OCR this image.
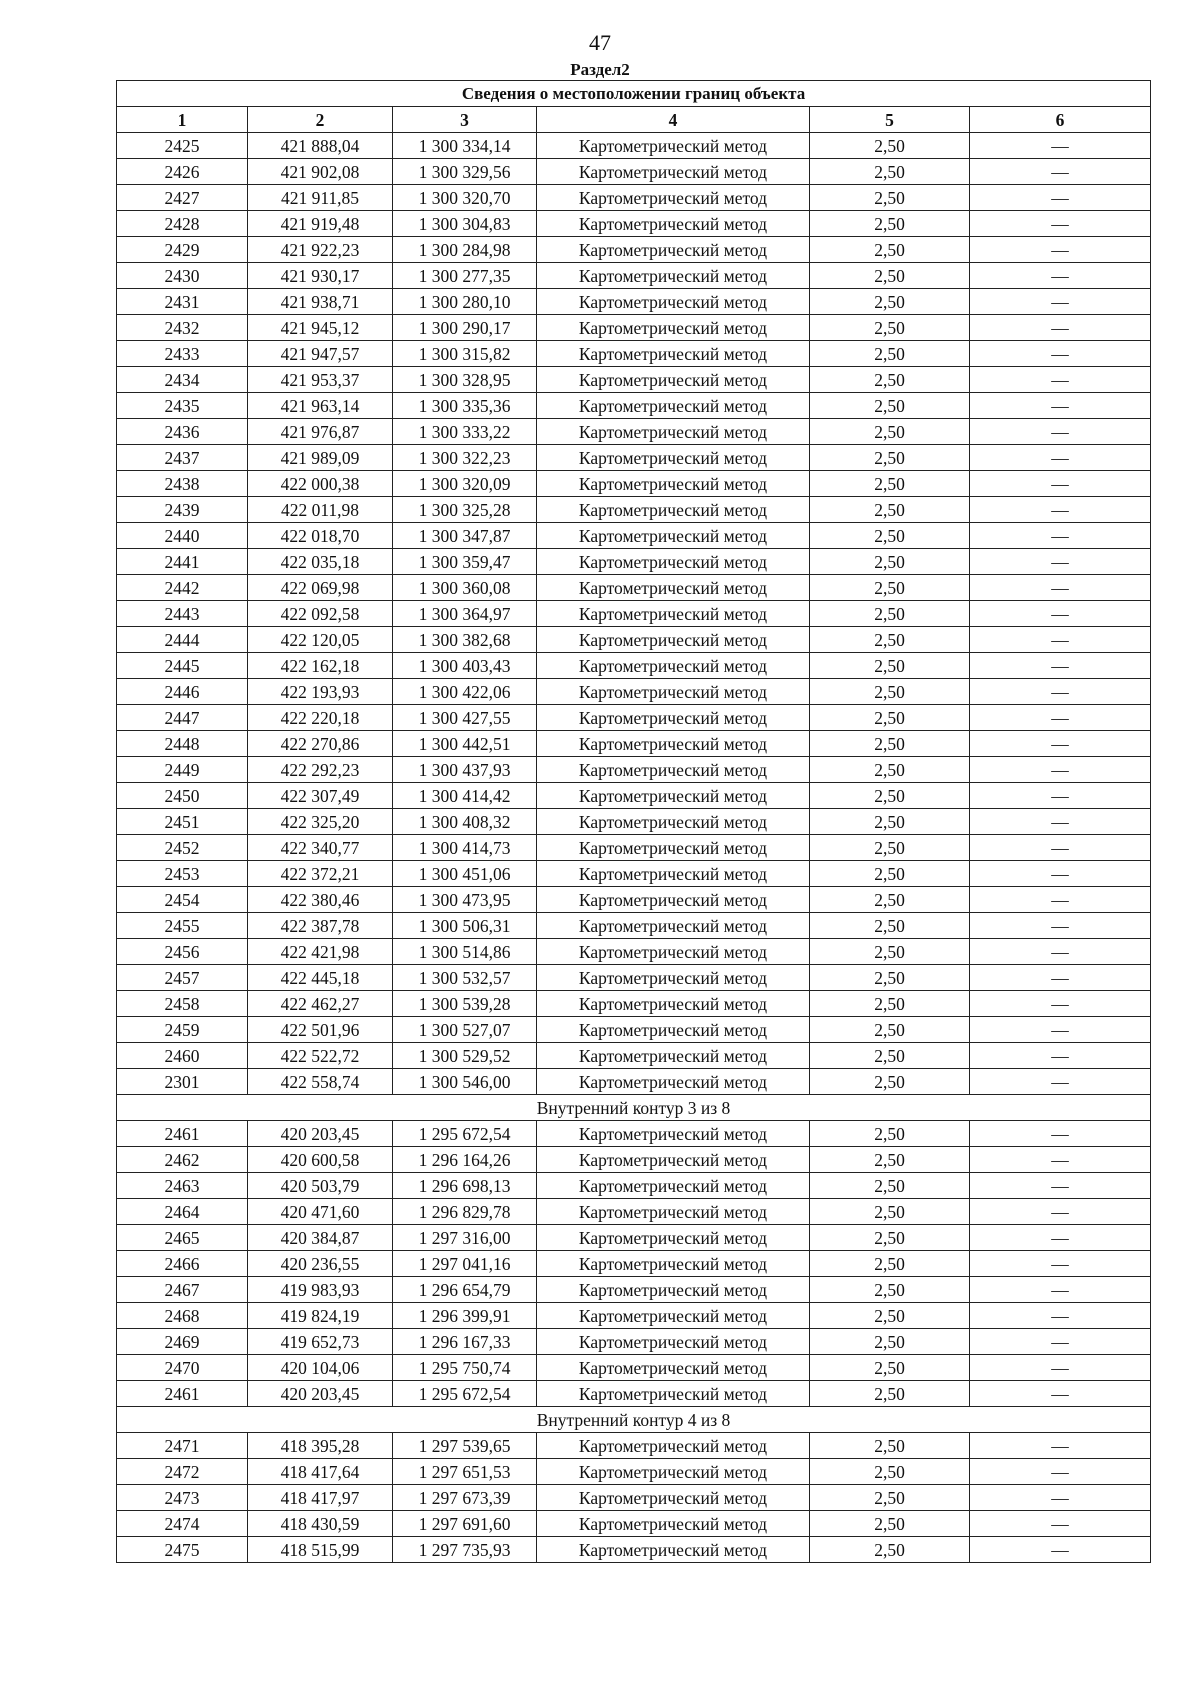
47
Раздел2
Сведения о местоположении границ объекта					
1	2	3	4	5	6
2425	421 888,04	1 300 334,14	Картометрический метод	2,50	—
2426	421 902,08	1 300 329,56	Картометрический метод	2,50	—
2427	421 911,85	1 300 320,70	Картометрический метод	2,50	—
2428	421 919,48	1 300 304,83	Картометрический метод	2,50	—
2429	421 922,23	1 300 284,98	Картометрический метод	2,50	—
2430	421 930,17	1 300 277,35	Картометрический метод	2,50	—
2431	421 938,71	1 300 280,10	Картометрический метод	2,50	—
2432	421 945,12	1 300 290,17	Картометрический метод	2,50	—
2433	421 947,57	1 300 315,82	Картометрический метод	2,50	—
2434	421 953,37	1 300 328,95	Картометрический метод	2,50	—
2435	421 963,14	1 300 335,36	Картометрический метод	2,50	—
2436	421 976,87	1 300 333,22	Картометрический метод	2,50	—
2437	421 989,09	1 300 322,23	Картометрический метод	2,50	—
2438	422 000,38	1 300 320,09	Картометрический метод	2,50	—
2439	422 011,98	1 300 325,28	Картометрический метод	2,50	—
2440	422 018,70	1 300 347,87	Картометрический метод	2,50	—
2441	422 035,18	1 300 359,47	Картометрический метод	2,50	—
2442	422 069,98	1 300 360,08	Картометрический метод	2,50	—
2443	422 092,58	1 300 364,97	Картометрический метод	2,50	—
2444	422 120,05	1 300 382,68	Картометрический метод	2,50	—
2445	422 162,18	1 300 403,43	Картометрический метод	2,50	—
2446	422 193,93	1 300 422,06	Картометрический метод	2,50	—
2447	422 220,18	1 300 427,55	Картометрический метод	2,50	—
2448	422 270,86	1 300 442,51	Картометрический метод	2,50	—
2449	422 292,23	1 300 437,93	Картометрический метод	2,50	—
2450	422 307,49	1 300 414,42	Картометрический метод	2,50	—
2451	422 325,20	1 300 408,32	Картометрический метод	2,50	—
2452	422 340,77	1 300 414,73	Картометрический метод	2,50	—
2453	422 372,21	1 300 451,06	Картометрический метод	2,50	—
2454	422 380,46	1 300 473,95	Картометрический метод	2,50	—
2455	422 387,78	1 300 506,31	Картометрический метод	2,50	—
2456	422 421,98	1 300 514,86	Картометрический метод	2,50	—
2457	422 445,18	1 300 532,57	Картометрический метод	2,50	—
2458	422 462,27	1 300 539,28	Картометрический метод	2,50	—
2459	422 501,96	1 300 527,07	Картометрический метод	2,50	—
2460	422 522,72	1 300 529,52	Картометрический метод	2,50	—
2301	422 558,74	1 300 546,00	Картометрический метод	2,50	—
Внутренний контур 3 из 8					
2461	420 203,45	1 295 672,54	Картометрический метод	2,50	—
2462	420 600,58	1 296 164,26	Картометрический метод	2,50	—
2463	420 503,79	1 296 698,13	Картометрический метод	2,50	—
2464	420 471,60	1 296 829,78	Картометрический метод	2,50	—
2465	420 384,87	1 297 316,00	Картометрический метод	2,50	—
2466	420 236,55	1 297 041,16	Картометрический метод	2,50	—
2467	419 983,93	1 296 654,79	Картометрический метод	2,50	—
2468	419 824,19	1 296 399,91	Картометрический метод	2,50	—
2469	419 652,73	1 296 167,33	Картометрический метод	2,50	—
2470	420 104,06	1 295 750,74	Картометрический метод	2,50	—
2461	420 203,45	1 295 672,54	Картометрический метод	2,50	—
Внутренний контур 4 из 8					
2471	418 395,28	1 297 539,65	Картометрический метод	2,50	—
2472	418 417,64	1 297 651,53	Картометрический метод	2,50	—
2473	418 417,97	1 297 673,39	Картометрический метод	2,50	—
2474	418 430,59	1 297 691,60	Картометрический метод	2,50	—
2475	418 515,99	1 297 735,93	Картометрический метод	2,50	—
